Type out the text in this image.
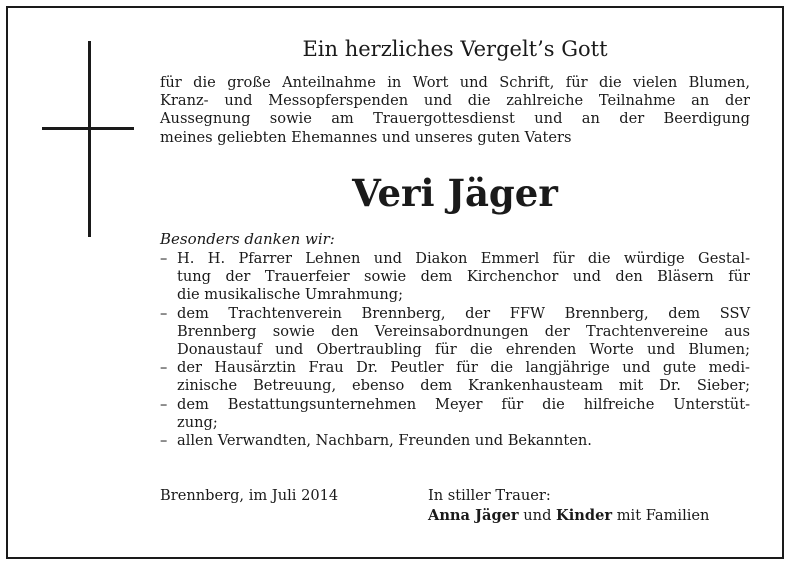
Ein herzliches Vergelt’s Gott
für die große Anteilnahme in Wort und Schrift, für die vielen Blumen,
Kranz- und Messopferspenden und die zahlreiche Teilnahme an der
Aussegnung sowie am Trauergottesdienst und an der Beerdigung
meines geliebten Ehemannes und unseres guten Vaters
Veri Jäger
Besonders danken wir:
– H. H. Pfarrer Lehnen und Diakon Emmerl für die würdige Gestal-
tung der Trauerfeier sowie dem Kirchenchor und den Bläsern für
die musikalische Umrahmung;
– dem Trachtenverein Brennberg, der FFW Brennberg, dem SSV
Brennberg sowie den Vereinsabordnungen der Trachtenvereine aus
Donaustauf und Obertraubling für die ehrenden Worte und Blumen;
– der Hausärztin Frau Dr. Peutler für die langjährige und gute medi-
zinische Betreuung, ebenso dem Krankenhausteam mit Dr. Sieber;
– dem Bestattungsunternehmen Meyer für die hilfreiche Unterstüt-
zung;
– allen Verwandten, Nachbarn, Freunden und Bekannten.
Brennberg, im Juli 2014	In stiller Trauer:
Anna Jäger und Kinder mit Familien
